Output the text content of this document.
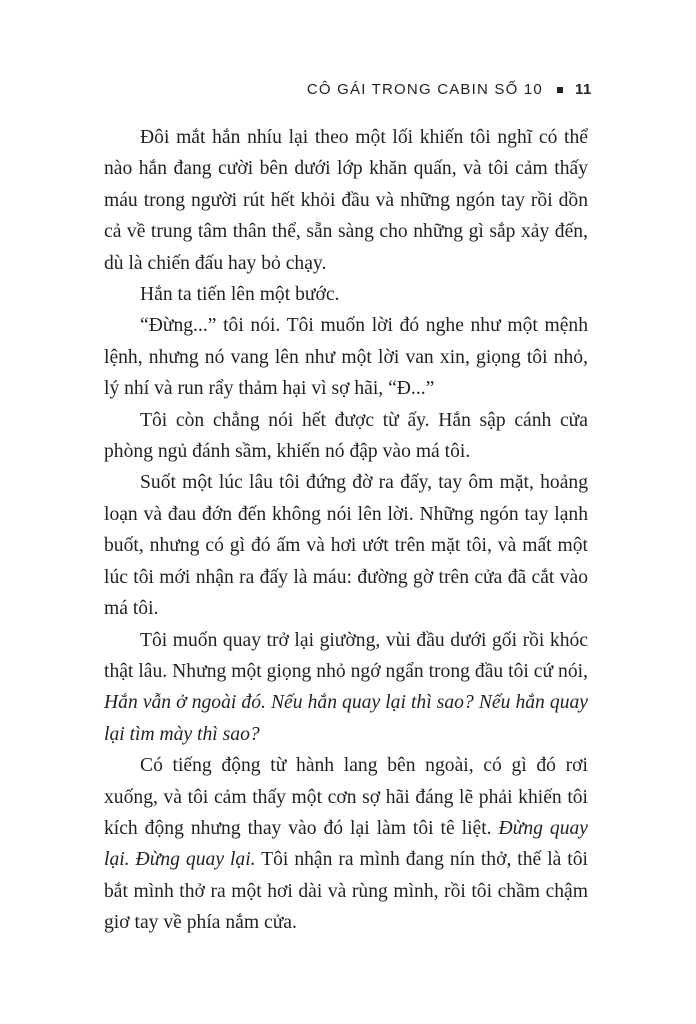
CÔ GÁI TRONG CABIN SỐ 10 11

Đôi mắt hắn nhíu lại theo một lối khiến tôi nghĩ có thể nào hắn đang cười bên dưới lớp khăn quấn, và tôi cảm thấy máu trong người rút hết khỏi đầu và những ngón tay rồi dồn cả về trung tâm thân thể, sẵn sàng cho những gì sắp xảy đến, dù là chiến đấu hay bỏ chạy.

Hắn ta tiến lên một bước.

“Đừng...” tôi nói. Tôi muốn lời đó nghe như một mệnh lệnh, nhưng nó vang lên như một lời van xin, giọng tôi nhỏ, lý nhí và run rẩy thảm hại vì sợ hãi, “Đ...”

Tôi còn chẳng nói hết được từ ấy. Hắn sập cánh cửa phòng ngủ đánh sầm, khiến nó đập vào má tôi.

Suốt một lúc lâu tôi đứng đờ ra đấy, tay ôm mặt, hoảng loạn và đau đớn đến không nói lên lời. Những ngón tay lạnh buốt, nhưng có gì đó ấm và hơi ướt trên mặt tôi, và mất một lúc tôi mới nhận ra đấy là máu: đường gờ trên cửa đã cắt vào má tôi.

Tôi muốn quay trở lại giường, vùi đầu dưới gối rồi khóc thật lâu. Nhưng một giọng nhỏ ngớ ngẩn trong đầu tôi cứ nói, Hắn vẫn ở ngoài đó. Nếu hắn quay lại thì sao? Nếu hắn quay lại tìm mày thì sao?

Có tiếng động từ hành lang bên ngoài, có gì đó rơi xuống, và tôi cảm thấy một cơn sợ hãi đáng lẽ phải khiến tôi kích động nhưng thay vào đó lại làm tôi tê liệt. Đừng quay lại. Đừng quay lại. Tôi nhận ra mình đang nín thở, thế là tôi bắt mình thở ra một hơi dài và rùng mình, rồi tôi chầm chậm giơ tay về phía nắm cửa.
